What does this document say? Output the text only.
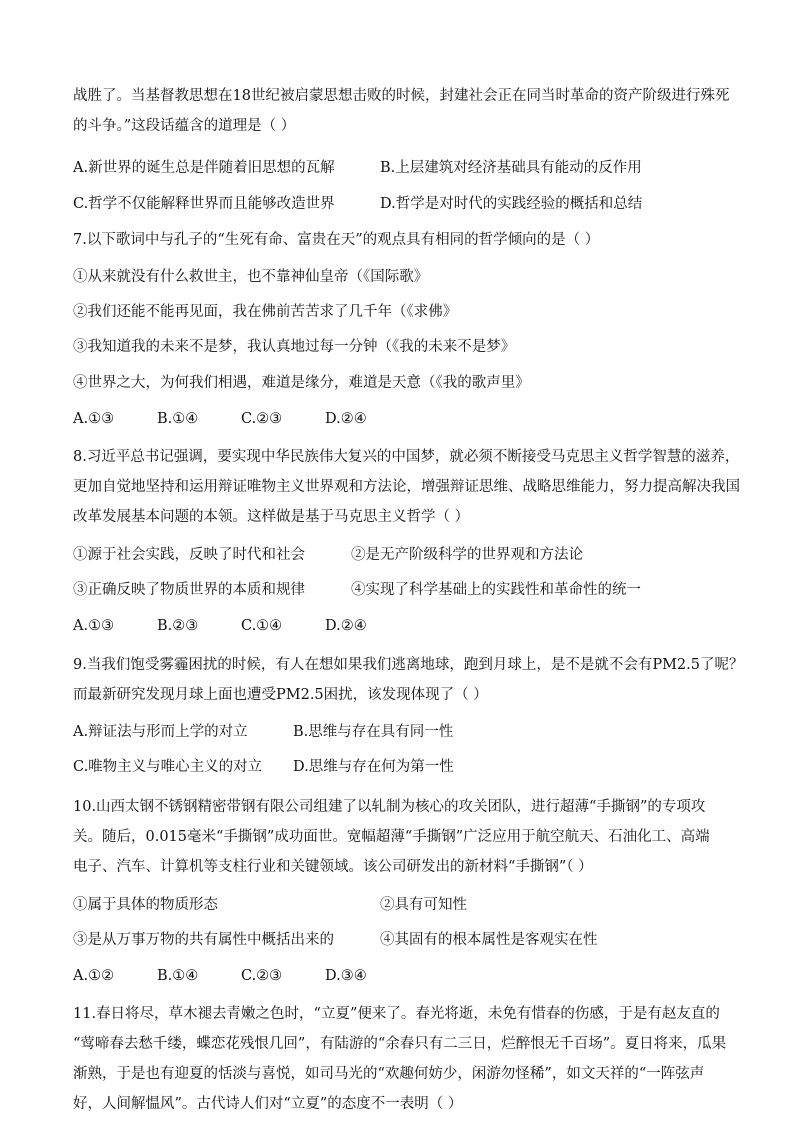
战胜了。当基督教思想在18世纪被启蒙思想击败的时候，封建社会正在同当时革命的资产阶级进行殊死
的斗争。”这段话蕴含的道理是（ ）
A.新世界的诞生总是伴随着旧思想的瓦解	B.上层建筑对经济基础具有能动的反作用
C.哲学不仅能解释世界而且能够改造世界	D.哲学是对时代的实践经验的概括和总结
7.以下歌词中与孔子的“生死有命、富贵在天”的观点具有相同的哲学倾向的是（ ）
①从来就没有什么救世主，也不靠神仙皇帝（《国际歌》
②我们还能不能再见面，我在佛前苦苦求了几千年（《求佛》
③我知道我的未来不是梦，我认真地过每一分钟（《我的未来不是梦》
④世界之大，为何我们相遇，难道是缘分，难道是天意（《我的歌声里》
A.①③	B.①④	C.②③	D.②④
8.习近平总书记强调，要实现中华民族伟大复兴的中国梦，就必须不断接受马克思主义哲学智慧的滋养，
更加自觉地坚持和运用辩证唯物主义世界观和方法论，增强辩证思维、战略思维能力，努力提高解决我国
改革发展基本问题的本领。这样做是基于马克思主义哲学（ ）
①源于社会实践，反映了时代和社会	②是无产阶级科学的世界观和方法论
③正确反映了物质世界的本质和规律	④实现了科学基础上的实践性和革命性的统一
A.①③	B.②③	C.①④	D.②④
9.当我们饱受雾霾困扰的时候，有人在想如果我们逃离地球，跑到月球上，是不是就不会有PM2.5了呢？
而最新研究发现月球上面也遭受PM2.5困扰，该发现体现了（ ）
A.辩证法与形而上学的对立	B.思维与存在具有同一性
C.唯物主义与唯心主义的对立 D.思维与存在何为第一性
10.山西太钢不锈钢精密带钢有限公司组建了以轧制为核心的攻关团队，进行超薄“手撕钢”的专项攻
关。随后，0.015毫米“手撕钢”成功面世。宽幅超薄“手撕钢”广泛应用于航空航天、石油化工、高端
电子、汽车、计算机等支柱行业和关键领域。该公司研发出的新材料“手撕钢”（ ）
①属于具体的物质形态	②具有可知性
③是从万事万物的共有属性中概括出来的	④其固有的根本属性是客观实在性
A.①②	B.①④	C.②③	D.③④
11.春日将尽，草木褪去青嫩之色时，“立夏”便来了。春光将逝，未免有惜春的伤感，于是有赵友直的
“莺啼春去愁千缕，蝶恋花残恨几回”，有陆游的“余春只有二三日，烂醉恨无千百场”。夏日将来，瓜果
渐熟，于是也有迎夏的恬淡与喜悦，如司马光的“欢趣何妨少，闲游勿怪稀”，如文天祥的“一阵弦声
好，人间解愠风”。古代诗人们对“立夏”的态度不一表明（ ）
